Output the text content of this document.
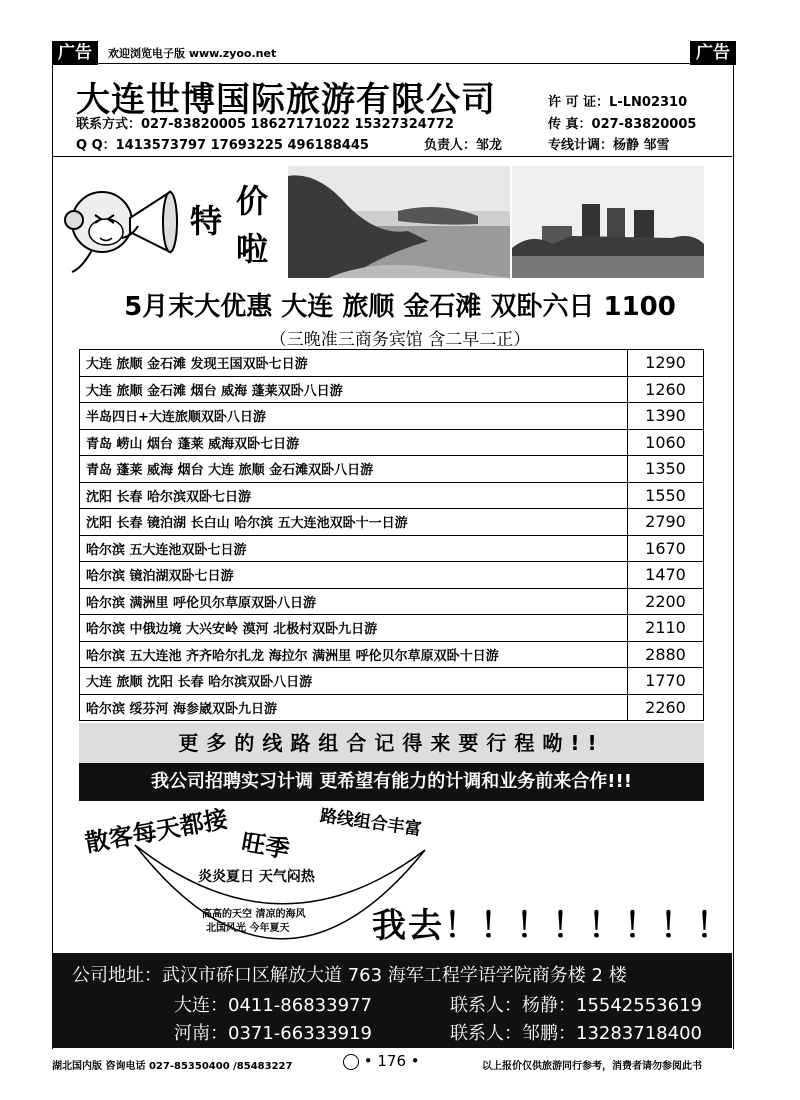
广告	欢迎浏览电子版 www.zyoo.net	广告
大连世博国际旅游有限公司
联系方式：027-83820005 18627171022 15327324772
Q Q：1413573797 17693225 496188445	负责人：邹龙
许 可 证：L-LN02310
传 真：027-83820005
专线计调：杨静 邹雪
特
价
啦
5月末大优惠 大连 旅顺 金石滩 双卧六日 1100
（三晚准三商务宾馆 含二早二正）
大连 旅顺 金石滩 发现王国双卧七日游	1290
大连 旅顺 金石滩 烟台 威海 蓬莱双卧八日游	1260
半岛四日+大连旅顺双卧八日游	1390
青岛 崂山 烟台 蓬莱 威海双卧七日游	1060
青岛 蓬莱 威海 烟台 大连 旅顺 金石滩双卧八日游	1350
沈阳 长春 哈尔滨双卧七日游	1550
沈阳 长春 镜泊湖 长白山 哈尔滨 五大连池双卧十一日游	2790
哈尔滨 五大连池双卧七日游	1670
哈尔滨 镜泊湖双卧七日游	1470
哈尔滨 满洲里 呼伦贝尔草原双卧八日游	2200
哈尔滨 中俄边境 大兴安岭 漠河 北极村双卧九日游	2110
哈尔滨 五大连池 齐齐哈尔扎龙 海拉尔 满洲里 呼伦贝尔草原双卧十日游	2880
大连 旅顺 沈阳 长春 哈尔滨双卧八日游	1770
哈尔滨 绥芬河 海参崴双卧九日游	2260
更多的线路组合记得来要行程呦!!
我公司招聘实习计调 更希望有能力的计调和业务前来合作!!!
散客每天都接 旺季
路线组合丰富
炎炎夏日 天气闷热
高高的天空 清凉的海风
北国风光 今年夏天 我去！！！！！！！！
公司地址：武汉市硚口区解放大道 763 海军工程学语学院商务楼 2 楼
大连：0411-86833977	联系人：杨静：15542553619
河南：0371-66333919	联系人：邹鹏：13283718400
湖北国内版 咨询电话 027-85350400 /85483227	• 176 •	以上报价仅供旅游同行参考，消费者请勿参阅此书
